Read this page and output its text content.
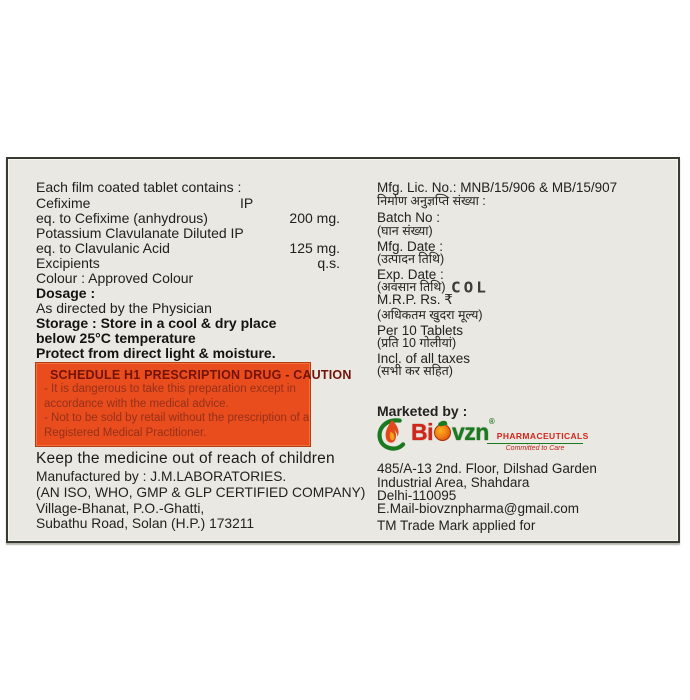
Each film coated tablet contains :
Cefixime	IP
eq. to Cefixime (anhydrous)	200 mg.
Potassium Clavulanate Diluted IP
eq. to Clavulanic Acid	125 mg.
Excipients	q.s.
Colour : Approved Colour
Dosage :
As directed by the Physician
Storage : Store in a cool & dry place
below 25°C temperature
Protect from direct light & moisture.
SCHEDULE H1 PRESCRIPTION DRUG - CAUTION
- It is dangerous to take this preparation except in
accordance with the medical advice.
- Not to be sold by retail without the prescription of a
Registered Medical Practitioner.
Keep the medicine out of reach of children
Manufactured by : J.M.LABORATORIES.
(AN ISO, WHO, GMP & GLP CERTIFIED COMPANY)
Village-Bhanat, P.O.-Ghatti,
Subathu Road, Solan (H.P.) 173211
Mfg. Lic. No.: MNB/15/906 & MB/15/907
निर्माण अनुज्ञप्ति संख्या :
Batch No :
(घान संख्या)
Mfg. Date :
(उत्पादन तिथि)
Exp. Date :
(अवसान तिथि)
M.R.P. Rs. ₹
COL
(अधिकतम खुदरा मूल्य)
Per 10 Tablets
(प्रति 10 गोलीयां)
Incl. of all taxes
(सभी कर सहित)
Marketed by :
Bi vzn®PHARMACEUTICALS
Committed to Care
485/A-13 2nd. Floor, Dilshad Garden
Industrial Area, Shahdara
Delhi-110095
E.Mail-biovznpharma@gmail.com
TM Trade Mark applied for
